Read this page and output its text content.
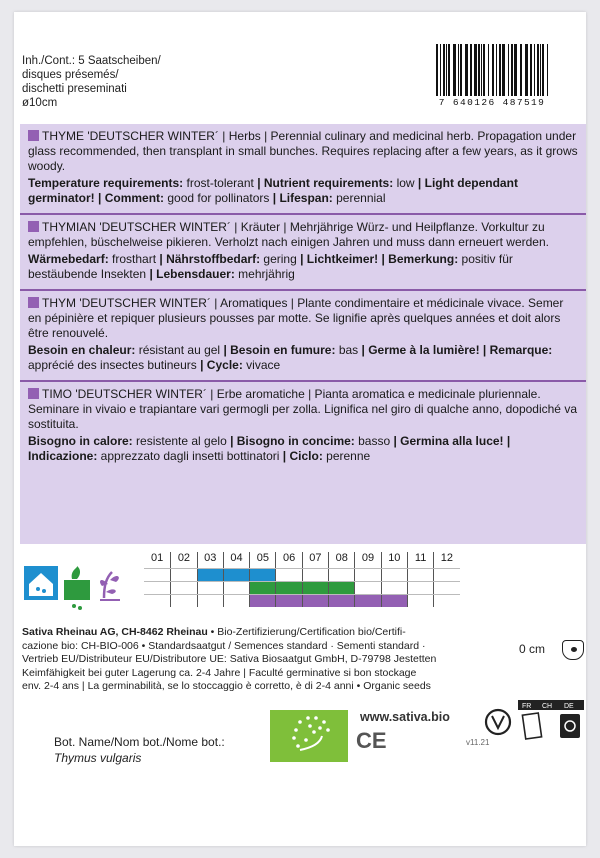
Inh./Cont.: 5 Saatscheiben/
disques présemés/
dischetti preseminati
ø10cm	7 640126 487519

THYME 'DEUTSCHER WINTER´ | Herbs | Perennial culinary and medicinal herb. Propagation under glass recommended, then transplant in small bunches. Requires replacing after a few years, as it grows woody.

Temperature requirements: frost-tolerant | Nutrient requirements: low | Light dependant germinator! | Comment: good for pollinators | Lifespan: perennial

THYMIAN 'DEUTSCHER WINTER´ | Kräuter | Mehrjährige Würz- und Heilpflanze. Vorkultur zu empfehlen, büschelweise pikieren. Verholzt nach einigen Jahren und muss dann erneuert werden.

Wärmebedarf: frosthart | Nährstoffbedarf: gering | Lichtkeimer! | Bemerkung: positiv für bestäubende Insekten | Lebensdauer: mehrjährig

THYM 'DEUTSCHER WINTER´ | Aromatiques | Plante condimentaire et médicinale vivace. Semer en pépinière et repiquer plusieurs pousses par motte. Se lignifie après quelques années et doit alors être renouvelé.

Besoin en chaleur: résistant au gel | Besoin en fumure: bas | Germe à la lumière! | Remarque: apprécié des insectes butineurs | Cycle: vivace

TIMO 'DEUTSCHER WINTER´ | Erbe aromatiche | Pianta aromatica e medicinale pluriennale. Seminare in vivaio e trapiantare vari germogli per zolla. Lignifica nel giro di qualche anno, dopodiché va sostituita.

Bisogno in calore: resistente al gelo | Bisogno in concime: basso | Germina alla luce! | Indicazione: apprezzato dagli insetti bottinatori | Ciclo: perenne

01	02	03	04	05	06	07	08	09	10	11	12
Sativa Rheinau AG, CH-8462 Rheinau • Bio-Zertifizierung/Certification bio/Certifi-
cazione bio: CH-BIO-006 • Standardsaatgut / Semences standard · Sementi standard ·
Vertrieb EU/Distributeur EU/Distributore UE: Sativa Biosaatgut GmbH, D-79798 Jestetten
Keimfähigkeit bei guter Lagerung ca. 2-4 Jahre | Faculté germinative si bon stockage
env. 2-4 ans | La germinabilità, se lo stoccaggio è corretto, è di 2-4 anni • Organic seeds
0 cm
www.sativa.bio
CE	v11.21
FR CH DE
Bot. Name/Nom bot./Nome bot.:
Thymus vulgaris
